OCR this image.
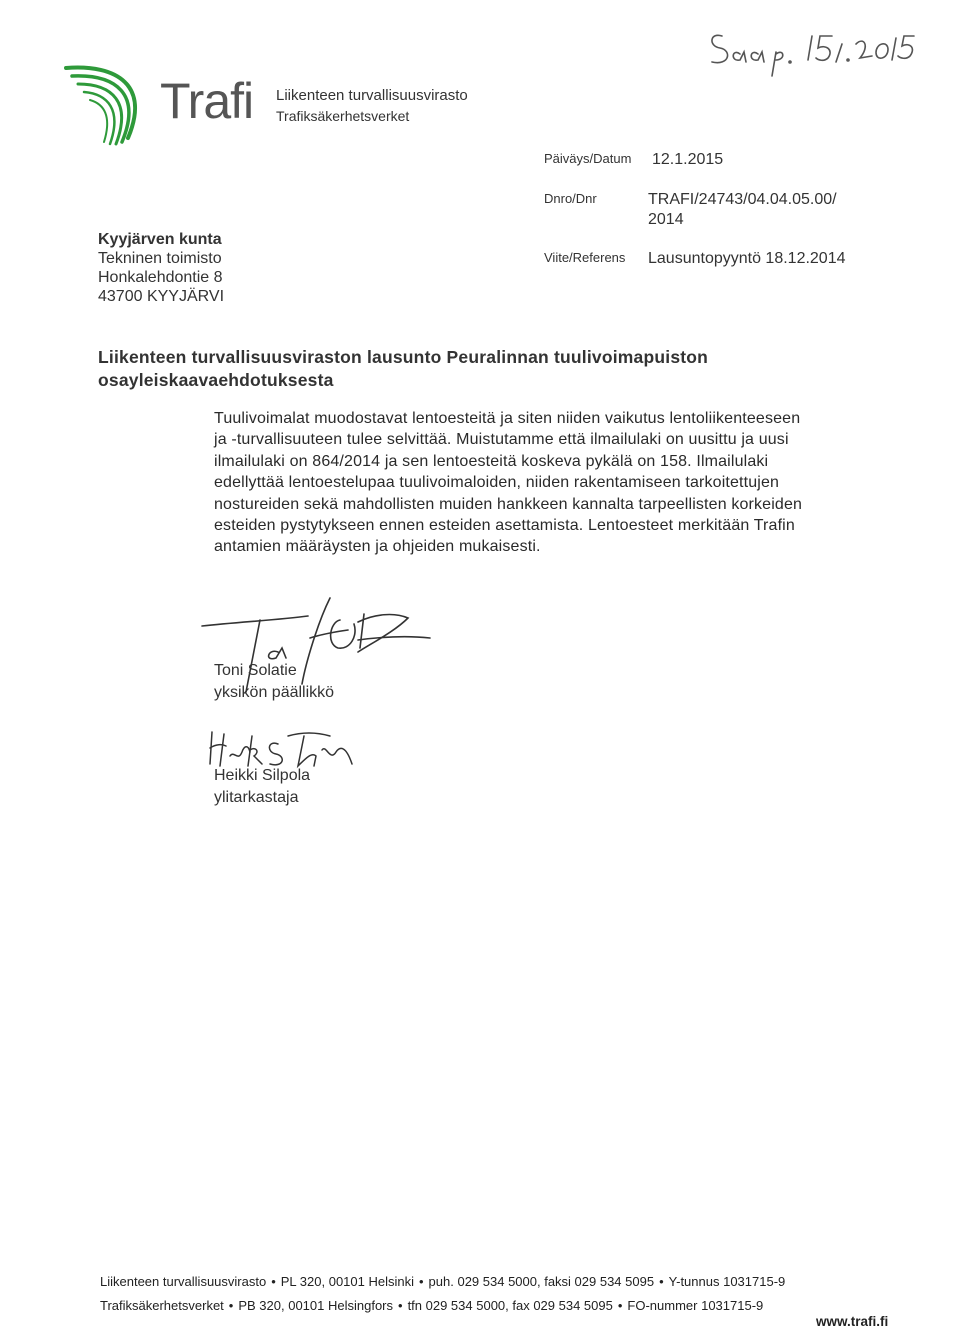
Trafi Liikenteen turvallisuusvirasto
Trafiksäkerhetsverket
Päiväys/Datum 12.1.2015
Dnro/Dnr	TRAFI/24743/04.04.05.00/
2014
Viite/Referens Lausuntopyyntö 18.12.2014
Kyyjärven kunta
Tekninen toimisto
Honkalehdontie 8
43700 KYYJÄRVI
Liikenteen turvallisuusviraston lausunto Peuralinnan tuulivoimapuiston
osayleiskaavaehdotuksesta
Tuulivoimalat muodostavat lentoesteitä ja siten niiden vaikutus lentoliikenteeseen
ja -turvallisuuteen tulee selvittää. Muistutamme että ilmailulaki on uusittu ja uusi
ilmailulaki on 864/2014 ja sen lentoesteitä koskeva pykälä on 158. Ilmailulaki
edellyttää lentoestelupaa tuulivoimaloiden, niiden rakentamiseen tarkoitettujen
nostureiden sekä mahdollisten muiden hankkeen kannalta tarpeellisten korkeiden
esteiden pystytykseen ennen esteiden asettamista. Lentoesteet merkitään Trafin
antamien määräysten ja ohjeiden mukaisesti.
Toni Solatie
yksikön päällikkö
Heikki Silpola
ylitarkastaja
Liikenteen turvallisuusvirasto • PL 320, 00101 Helsinki • puh. 029 534 5000, faksi 029 534 5095 • Y-tunnus 1031715-9
Trafiksäkerhetsverket • PB 320, 00101 Helsingfors • tfn 029 534 5000, fax 029 534 5095 • FO-nummer 1031715-9
www.trafi.fi
